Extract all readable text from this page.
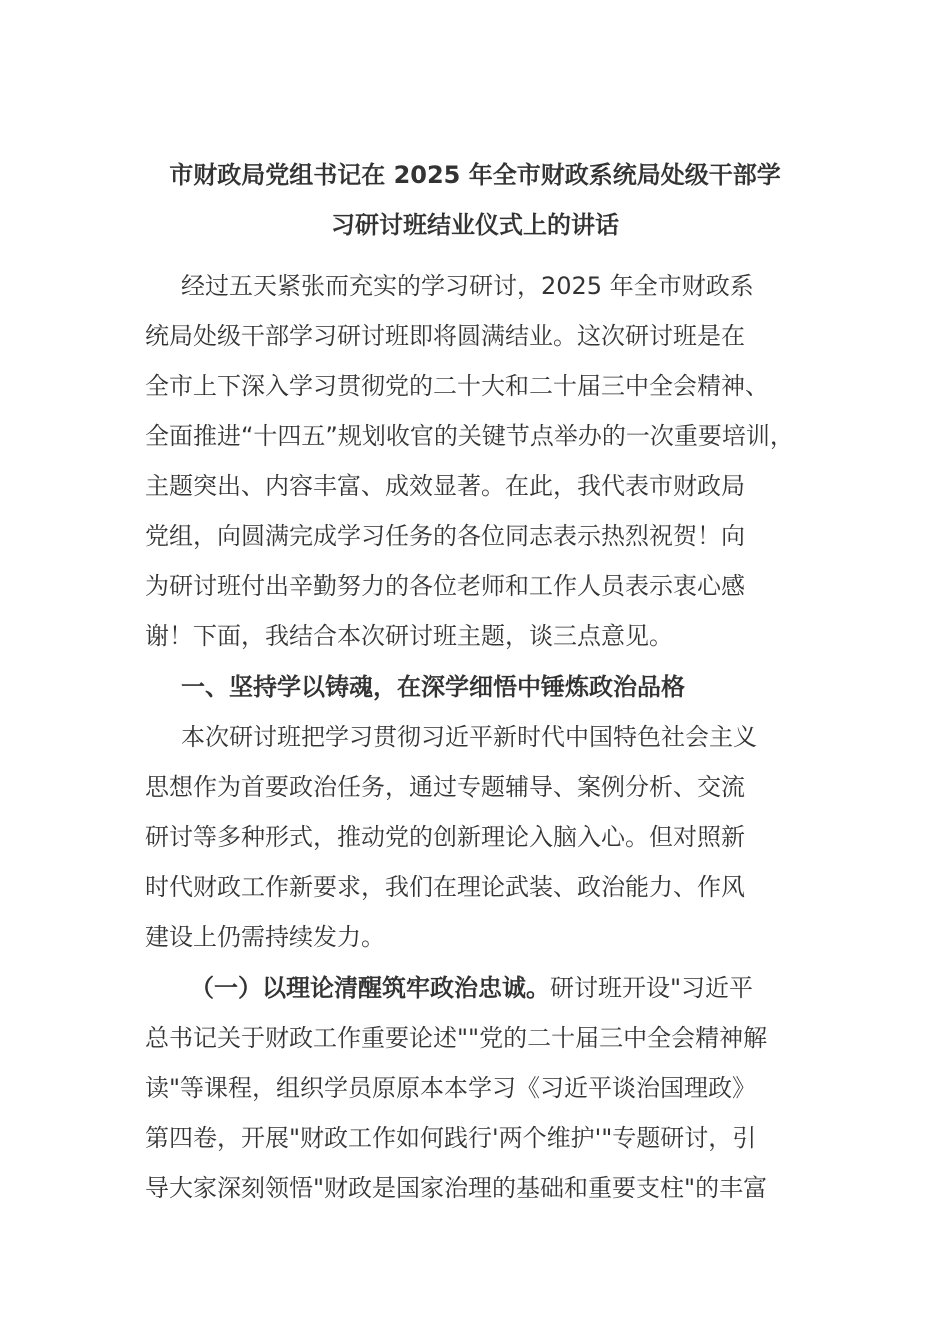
市财政局党组书记在 2025 年全市财政系统局处级干部学
习研讨班结业仪式上的讲话
经过五天紧张而充实的学习研讨，2025 年全市财政系
统局处级干部学习研讨班即将圆满结业。这次研讨班是在
全市上下深入学习贯彻党的二十大和二十届三中全会精神、
全面推进“十四五”规划收官的关键节点举办的一次重要培训，
主题突出、内容丰富、成效显著。在此，我代表市财政局
党组，向圆满完成学习任务的各位同志表示热烈祝贺！向
为研讨班付出辛勤努力的各位老师和工作人员表示衷心感
谢！下面，我结合本次研讨班主题，谈三点意见。
一、坚持学以铸魂，在深学细悟中锤炼政治品格
本次研讨班把学习贯彻习近平新时代中国特色社会主义
思想作为首要政治任务，通过专题辅导、案例分析、交流
研讨等多种形式，推动党的创新理论入脑入心。但对照新
时代财政工作新要求，我们在理论武装、政治能力、作风
建设上仍需持续发力。
（一）以理论清醒筑牢政治忠诚。研讨班开设"习近平
总书记关于财政工作重要论述""党的二十届三中全会精神解
读"等课程，组织学员原原本本学习《习近平谈治国理政》
第四卷，开展"财政工作如何践行'两个维护'"专题研讨，引
导大家深刻领悟"财政是国家治理的基础和重要支柱"的丰富
